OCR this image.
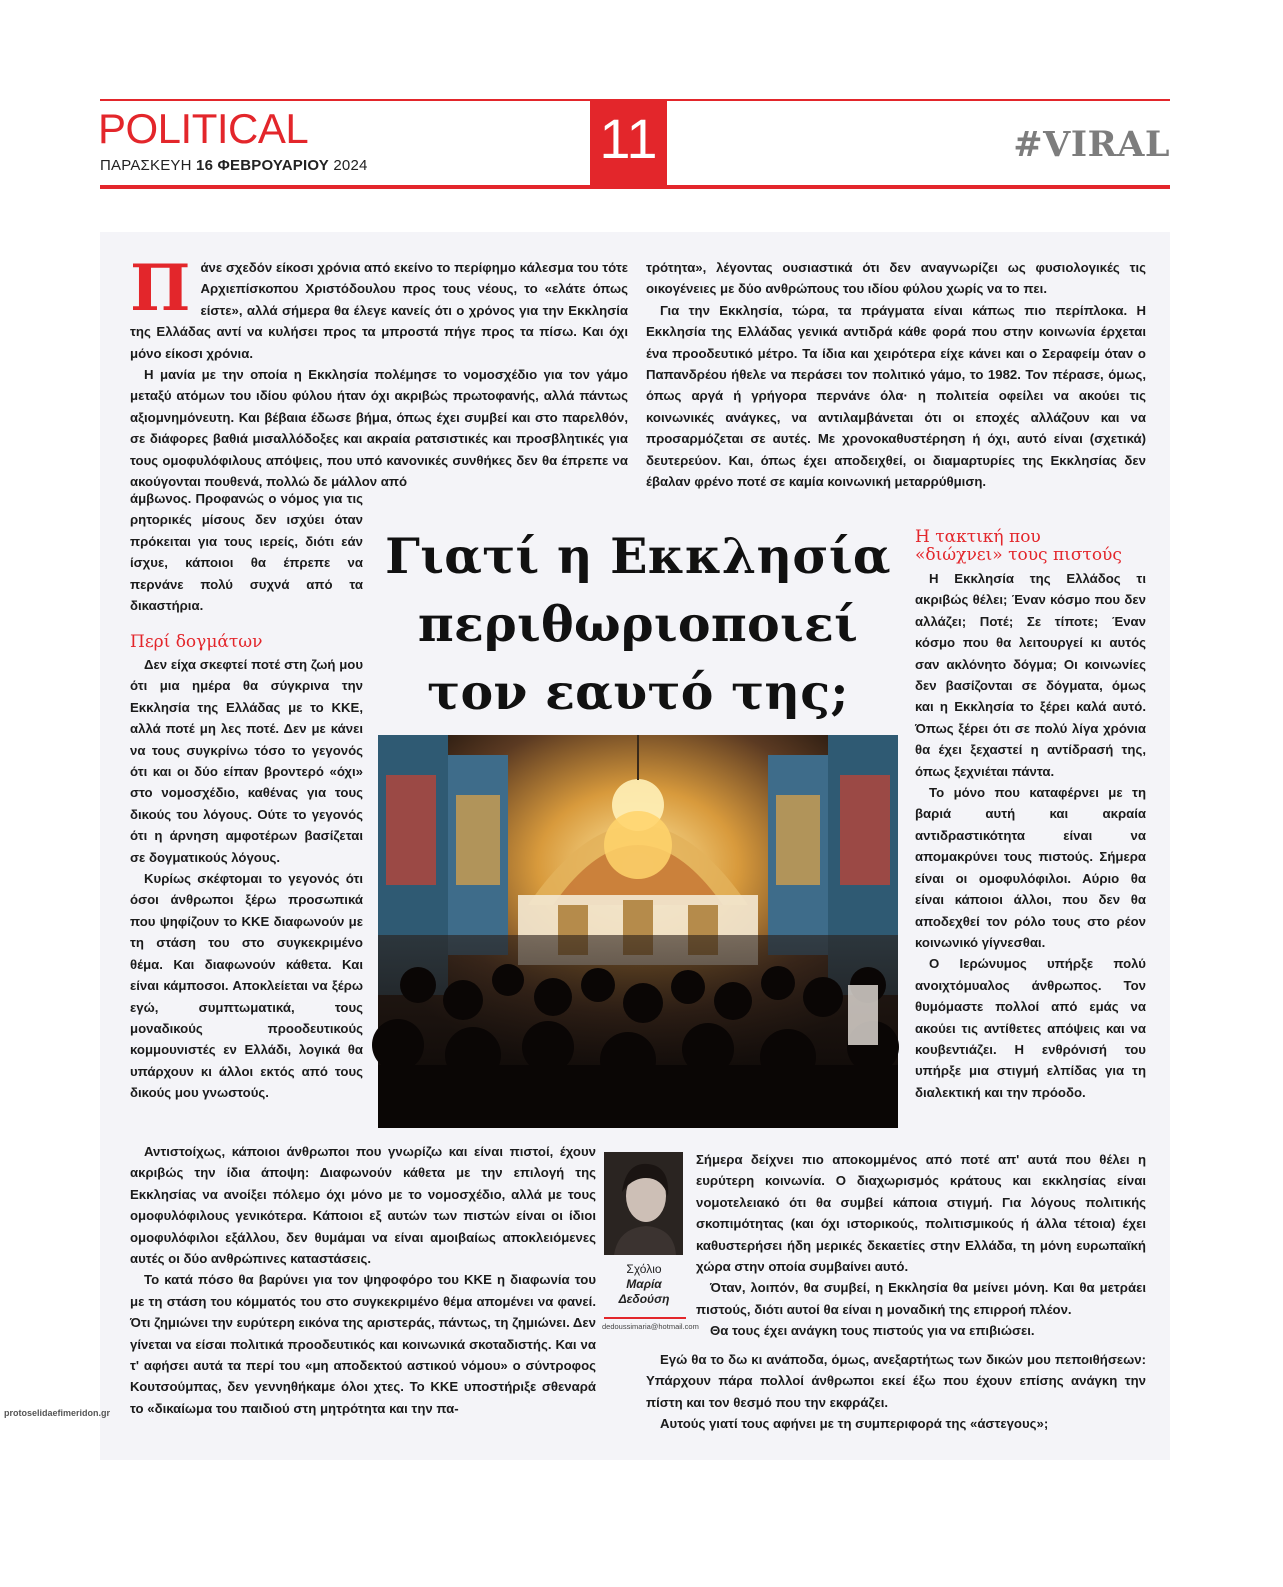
POLITICAL
ΠΑΡΑΣΚΕΥΗ 16 ΦΕΒΡΟΥΑΡΙΟΥ 2024	11	#VIRAL

Πάνε σχεδόν είκοσι χρόνια από εκείνο το περίφημο κάλεσμα του τότε Αρχιεπίσκοπου Χριστόδουλου προς τους νέους, το «ελάτε όπως είστε», αλλά σήμερα θα έλεγε κανείς ότι ο χρόνος για την Εκκλησία της Ελλάδας αντί να κυλήσει προς τα μπροστά πήγε προς τα πίσω. Και όχι μόνο είκοσι χρόνια.

Η μανία με την οποία η Εκκλησία πολέμησε το νομοσχέδιο για τον γάμο μεταξύ ατόμων του ιδίου φύλου ήταν όχι ακριβώς πρωτοφανής, αλλά πάντως αξιομνημόνευτη. Και βέβαια έδωσε βήμα, όπως έχει συμβεί και στο παρελθόν, σε διάφορες βαθιά μισαλλόδοξες και ακραία ρατσιστικές και προσβλητικές για τους ομοφυλόφιλους απόψεις, που υπό κανονικές συνθήκες δεν θα έπρεπε να ακούγονται πουθενά, πολλώ δε μάλλον από

άμβωνος. Προφανώς ο νόμος για τις ρητορικές μίσους δεν ισχύει όταν πρόκειται για τους ιερείς, διότι εάν ίσχυε, κάποιοι θα έπρεπε να περνάνε πολύ συχνά από τα δικαστήρια.

Περί δογμάτων

Δεν είχα σκεφτεί ποτέ στη ζωή μου ότι μια ημέρα θα σύγκρινα την Εκκλησία της Ελλάδας με το ΚΚΕ, αλλά ποτέ μη λες ποτέ. Δεν με κάνει να τους συγκρίνω τόσο το γεγονός ότι και οι δύο είπαν βροντερό «όχι» στο νομοσχέδιο, καθένας για τους δικούς του λόγους. Ούτε το γεγονός ότι η άρνηση αμφοτέρων βασίζεται σε δογματικούς λόγους.

Κυρίως σκέφτομαι το γεγονός ότι όσοι άνθρωποι ξέρω προσωπικά που ψηφίζουν το ΚΚΕ διαφωνούν με τη στάση του στο συγκεκριμένο θέμα. Και διαφωνούν κάθετα. Και είναι κάμποσοι. Αποκλείεται να ξέρω εγώ, συμπτωματικά, τους μοναδικούς προοδευτικούς κομμουνιστές εν Ελλάδι, λογικά θα υπάρχουν κι άλλοι εκτός από τους δικούς μου γνωστούς.

Αντιστοίχως, κάποιοι άνθρωποι που γνωρίζω και είναι πιστοί, έχουν ακριβώς την ίδια άποψη: Διαφωνούν κάθετα με την επιλογή της Εκκλησίας να ανοίξει πόλεμο όχι μόνο με το νομοσχέδιο, αλλά με τους ομοφυλόφιλους γενικότερα. Κάποιοι εξ αυτών των πιστών είναι οι ίδιοι ομοφυλόφιλοι εξάλλου, δεν θυμάμαι να είναι αμοιβαίως αποκλειόμενες αυτές οι δύο ανθρώπινες καταστάσεις.

Το κατά πόσο θα βαρύνει για τον ψηφοφόρο του ΚΚΕ η διαφωνία του με τη στάση του κόμματός του στο συγκεκριμένο θέμα απομένει να φανεί. Ότι ζημιώνει την ευρύτερη εικόνα της αριστεράς, πάντως, τη ζημιώνει. Δεν γίνεται να είσαι πολιτικά προοδευτικός και κοινωνικά σκοταδιστής. Και να τ' αφήσει αυτά τα περί του «μη αποδεκτού αστικού νόμου» ο σύντροφος Κουτσούμπας, δεν γεννηθήκαμε όλοι χτες. Το ΚΚΕ υποστήριξε σθεναρά το «δικαίωμα του παιδιού στη μητρότητα και την πα-

τρότητα», λέγοντας ουσιαστικά ότι δεν αναγνωρίζει ως φυσιολογικές τις οικογένειες με δύο ανθρώπους του ιδίου φύλου χωρίς να το πει.

Για την Εκκλησία, τώρα, τα πράγματα είναι κάπως πιο περίπλοκα. Η Εκκλησία της Ελλάδας γενικά αντιδρά κάθε φορά που στην κοινωνία έρχεται ένα προοδευτικό μέτρο. Τα ίδια και χειρότερα είχε κάνει και ο Σεραφείμ όταν ο Παπανδρέου ήθελε να περάσει τον πολιτικό γάμο, το 1982. Τον πέρασε, όμως, όπως αργά ή γρήγορα περνάνε όλα· η πολιτεία οφείλει να ακούει τις κοινωνικές ανάγκες, να αντιλαμβάνεται ότι οι εποχές αλλάζουν και να προσαρμόζεται σε αυτές. Με χρονοκαθυστέρηση ή όχι, αυτό είναι (σχετικά) δευτερεύον. Και, όπως έχει αποδειχθεί, οι διαμαρτυρίες της Εκκλησίας δεν έβαλαν φρένο ποτέ σε καμία κοινωνική μεταρρύθμιση.

Η τακτική που
«διώχνει» τους πιστούς

Η Εκκλησία της Ελλάδος τι ακριβώς θέλει; Έναν κόσμο που δεν αλλάζει; Ποτέ; Σε τίποτε; Έναν κόσμο που θα λειτουργεί κι αυτός σαν ακλόνητο δόγμα; Οι κοινωνίες δεν βασίζονται σε δόγματα, όμως και η Εκκλησία το ξέρει καλά αυτό. Όπως ξέρει ότι σε πολύ λίγα χρόνια θα έχει ξεχαστεί η αντίδρασή της, όπως ξεχνιέται πάντα.

Το μόνο που καταφέρνει με τη βαριά αυτή και ακραία αντιδραστικότητα είναι να απομακρύνει τους πιστούς. Σήμερα είναι οι ομοφυλόφιλοι. Αύριο θα είναι κάποιοι άλλοι, που δεν θα αποδεχθεί τον ρόλο τους στο ρέον κοινωνικό γίγνεσθαι.

Ο Ιερώνυμος υπήρξε πολύ ανοιχτόμυαλος άνθρωπος. Τον θυμόμαστε πολλοί από εμάς να ακούει τις αντίθετες απόψεις και να κουβεντιάζει. Η ενθρόνισή του υπήρξε μια στιγμή ελπίδας για τη διαλεκτική και την πρόοδο.

Σήμερα δείχνει πιο αποκομμένος από ποτέ απ' αυτά που θέλει η ευρύτερη κοινωνία. Ο διαχωρισμός κράτους και εκκλησίας είναι νομοτελειακό ότι θα συμβεί κάποια στιγμή. Για λόγους πολιτικής σκοπιμότητας (και όχι ιστορικούς, πολιτισμικούς ή άλλα τέτοια) έχει καθυστερήσει ήδη μερικές δεκαετίες στην Ελλάδα, τη μόνη ευρωπαϊκή χώρα στην οποία συμβαίνει αυτό.

Όταν, λοιπόν, θα συμβεί, η Εκκλησία θα μείνει μόνη. Και θα μετράει πιστούς, διότι αυτοί θα είναι η μοναδική της επιρροή πλέον.

Θα τους έχει ανάγκη τους πιστούς για να επιβιώσει.

Εγώ θα το δω κι ανάποδα, όμως, ανεξαρτήτως των δικών μου πεποιθήσεων: Υπάρχουν πάρα πολλοί άνθρωποι εκεί έξω που έχουν επίσης ανάγκη την πίστη και τον θεσμό που την εκφράζει.

Αυτούς γιατί τους αφήνει με τη συμπεριφορά της «άστεγους»;

Γιατί η Εκκλησία
περιθωριοποιεί
τον εαυτό της;
Σχόλιο
Μαρία
Δεδούση
dedoussimaria@hotmail.com
protoselidaefimeridon.gr
